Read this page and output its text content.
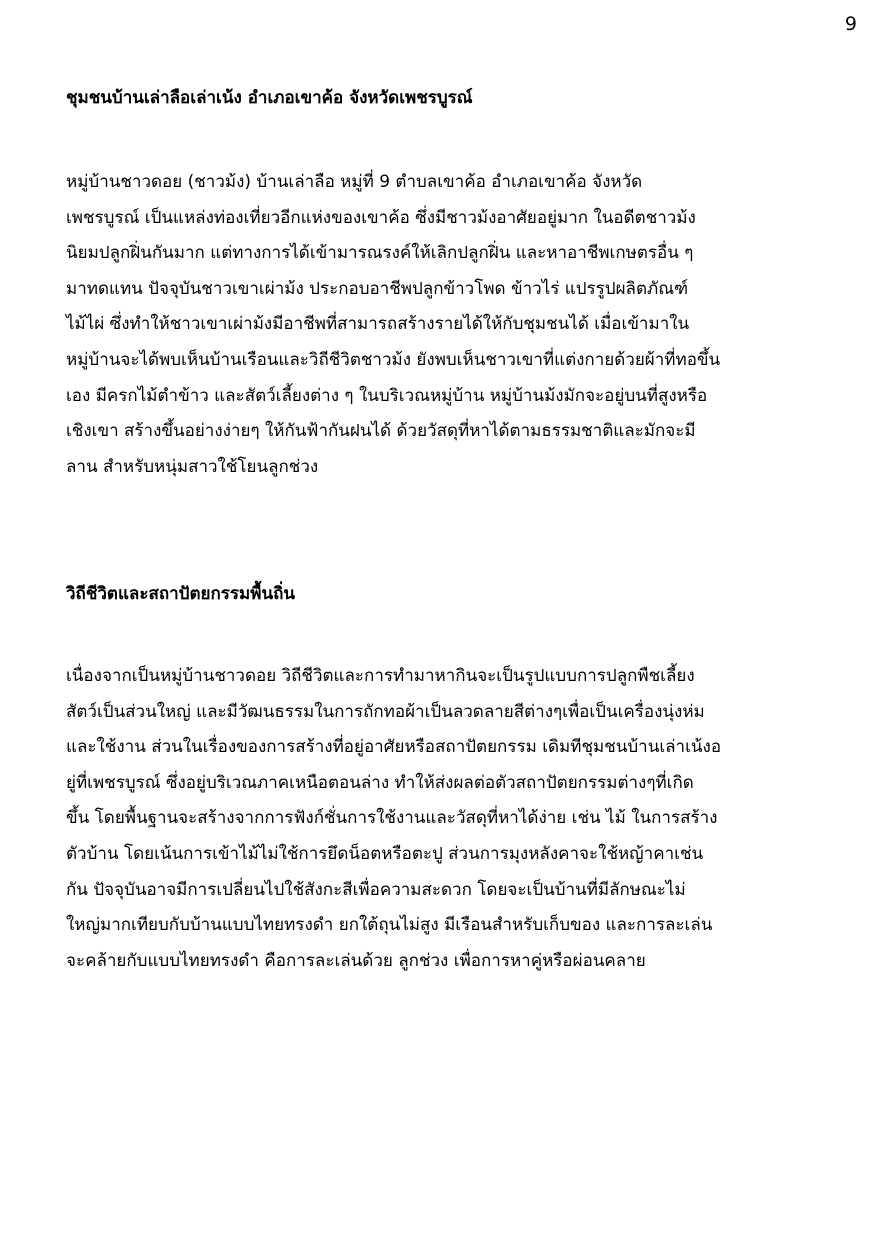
9
ชุมชนบ้านเล่าลือเล่าเน้ง อำเภอเขาค้อ จังหวัดเพชรบูรณ์

หมู่บ้านชาวดอย (ชาวม้ง) บ้านเล่าลือ หมู่ที่ 9 ตำบลเขาค้อ อำเภอเขาค้อ จังหวัด

เพชรบูรณ์ เป็นแหล่งท่องเที่ยวอีกแห่งของเขาค้อ ซึ่งมีชาวม้งอาศัยอยู่มาก ในอดีตชาวม้ง

นิยมปลูกฝิ่นกันมาก แต่ทางการได้เข้ามารณรงค์ให้เลิกปลูกฝิ่น และหาอาชีพเกษตรอื่น ๆ

มาทดแทน ปัจจุบันชาวเขาเผ่าม้ง ประกอบอาชีพปลูกข้าวโพด ข้าวไร่ แปรรูปผลิตภัณฑ์

ไม้ไผ่ ซึ่งทำให้ชาวเขาเผ่าม้งมีอาชีพที่สามารถสร้างรายได้ให้กับชุมชนได้ เมื่อเข้ามาใน

หมู่บ้านจะได้พบเห็นบ้านเรือนและวิถีชีวิตชาวม้ง ยังพบเห็นชาวเขาที่แต่งกายด้วยผ้าที่ทอขึ้น

เอง มีครกไม้ตำข้าว และสัตว์เลี้ยงต่าง ๆ ในบริเวณหมู่บ้าน หมู่บ้านม้งมักจะอยู่บนที่สูงหรือ

เชิงเขา สร้างขึ้นอย่างง่ายๆ ให้กันฟ้ากันฝนได้ ด้วยวัสดุที่หาได้ตามธรรมชาติและมักจะมี

ลาน สำหรับหนุ่มสาวใช้โยนลูกช่วง

วิถีชีวิตและสถาปัตยกรรมพื้นถิ่น

เนื่องจากเป็นหมู่บ้านชาวดอย วิถีชีวิตและการทำมาหากินจะเป็นรูปแบบการปลูกพืชเลี้ยง

สัตว์เป็นส่วนใหญ่ และมีวัฒนธรรมในการถักทอผ้าเป็นลวดลายสีต่างๆเพื่อเป็นเครื่องนุ่งห่ม

และใช้งาน ส่วนในเรื่องของการสร้างที่อยู่อาศัยหรือสถาปัตยกรรม เดิมทีชุมชนบ้านเล่าเน้งอ

ยู่ที่เพชรบูรณ์ ซึ่งอยู่บริเวณภาคเหนือตอนล่าง ทำให้ส่งผลต่อตัวสถาปัตยกรรมต่างๆที่เกิด

ขึ้น โดยพื้นฐานจะสร้างจากการฟังก์ชั่นการใช้งานและวัสดุที่หาได้ง่าย เช่น ไม้ ในการสร้าง

ตัวบ้าน โดยเน้นการเข้าไม้ไม่ใช้การยึดน็อตหรือตะปู ส่วนการมุงหลังคาจะใช้หญ้าคาเช่น

กัน ปัจจุบันอาจมีการเปลี่ยนไปใช้สังกะสีเพื่อความสะดวก โดยจะเป็นบ้านที่มีลักษณะไม่

ใหญ่มากเทียบกับบ้านแบบไทยทรงดำ ยกใต้ถุนไม่สูง มีเรือนสำหรับเก็บของ และการละเล่น

จะคล้ายกับแบบไทยทรงดำ คือการละเล่นด้วย ลูกช่วง เพื่อการหาคู่หรือผ่อนคลาย
